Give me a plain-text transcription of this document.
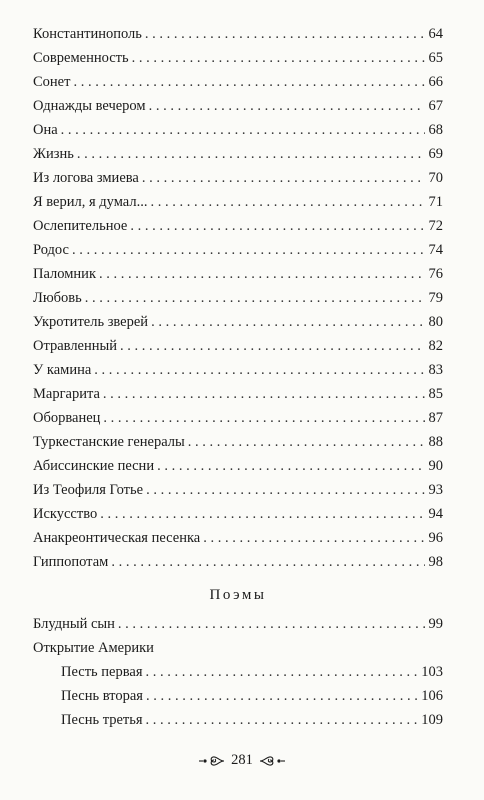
Константинополь . . .	64
Современность . . .	65
Сонет . . .	66
Однажды вечером . . .	67
Она . . .	68
Жизнь . . .	69
Из логова змиева . . .	70
Я верил, я думал... . . .	71
Ослепительное . . .	72
Родос . . .	74
Паломник . . .	76
Любовь . . .	79
Укротитель зверей . . .	80
Отравленный . . .	82
У камина . . .	83
Маргарита . . .	85
Оборванец . . .	87
Туркестанские генералы . . .	88
Абиссинские песни . . .	90
Из Теофиля Готье . . .	93
Искусство . . .	94
Анакреонтическая песенка . . .	96
Гиппопотам . . .	98
Поэмы
Блудный сын . . .	99
Открытие Америки
Песть первая . . .	103
Песнь вторая . . .	106
Песнь третья . . .	109
281
